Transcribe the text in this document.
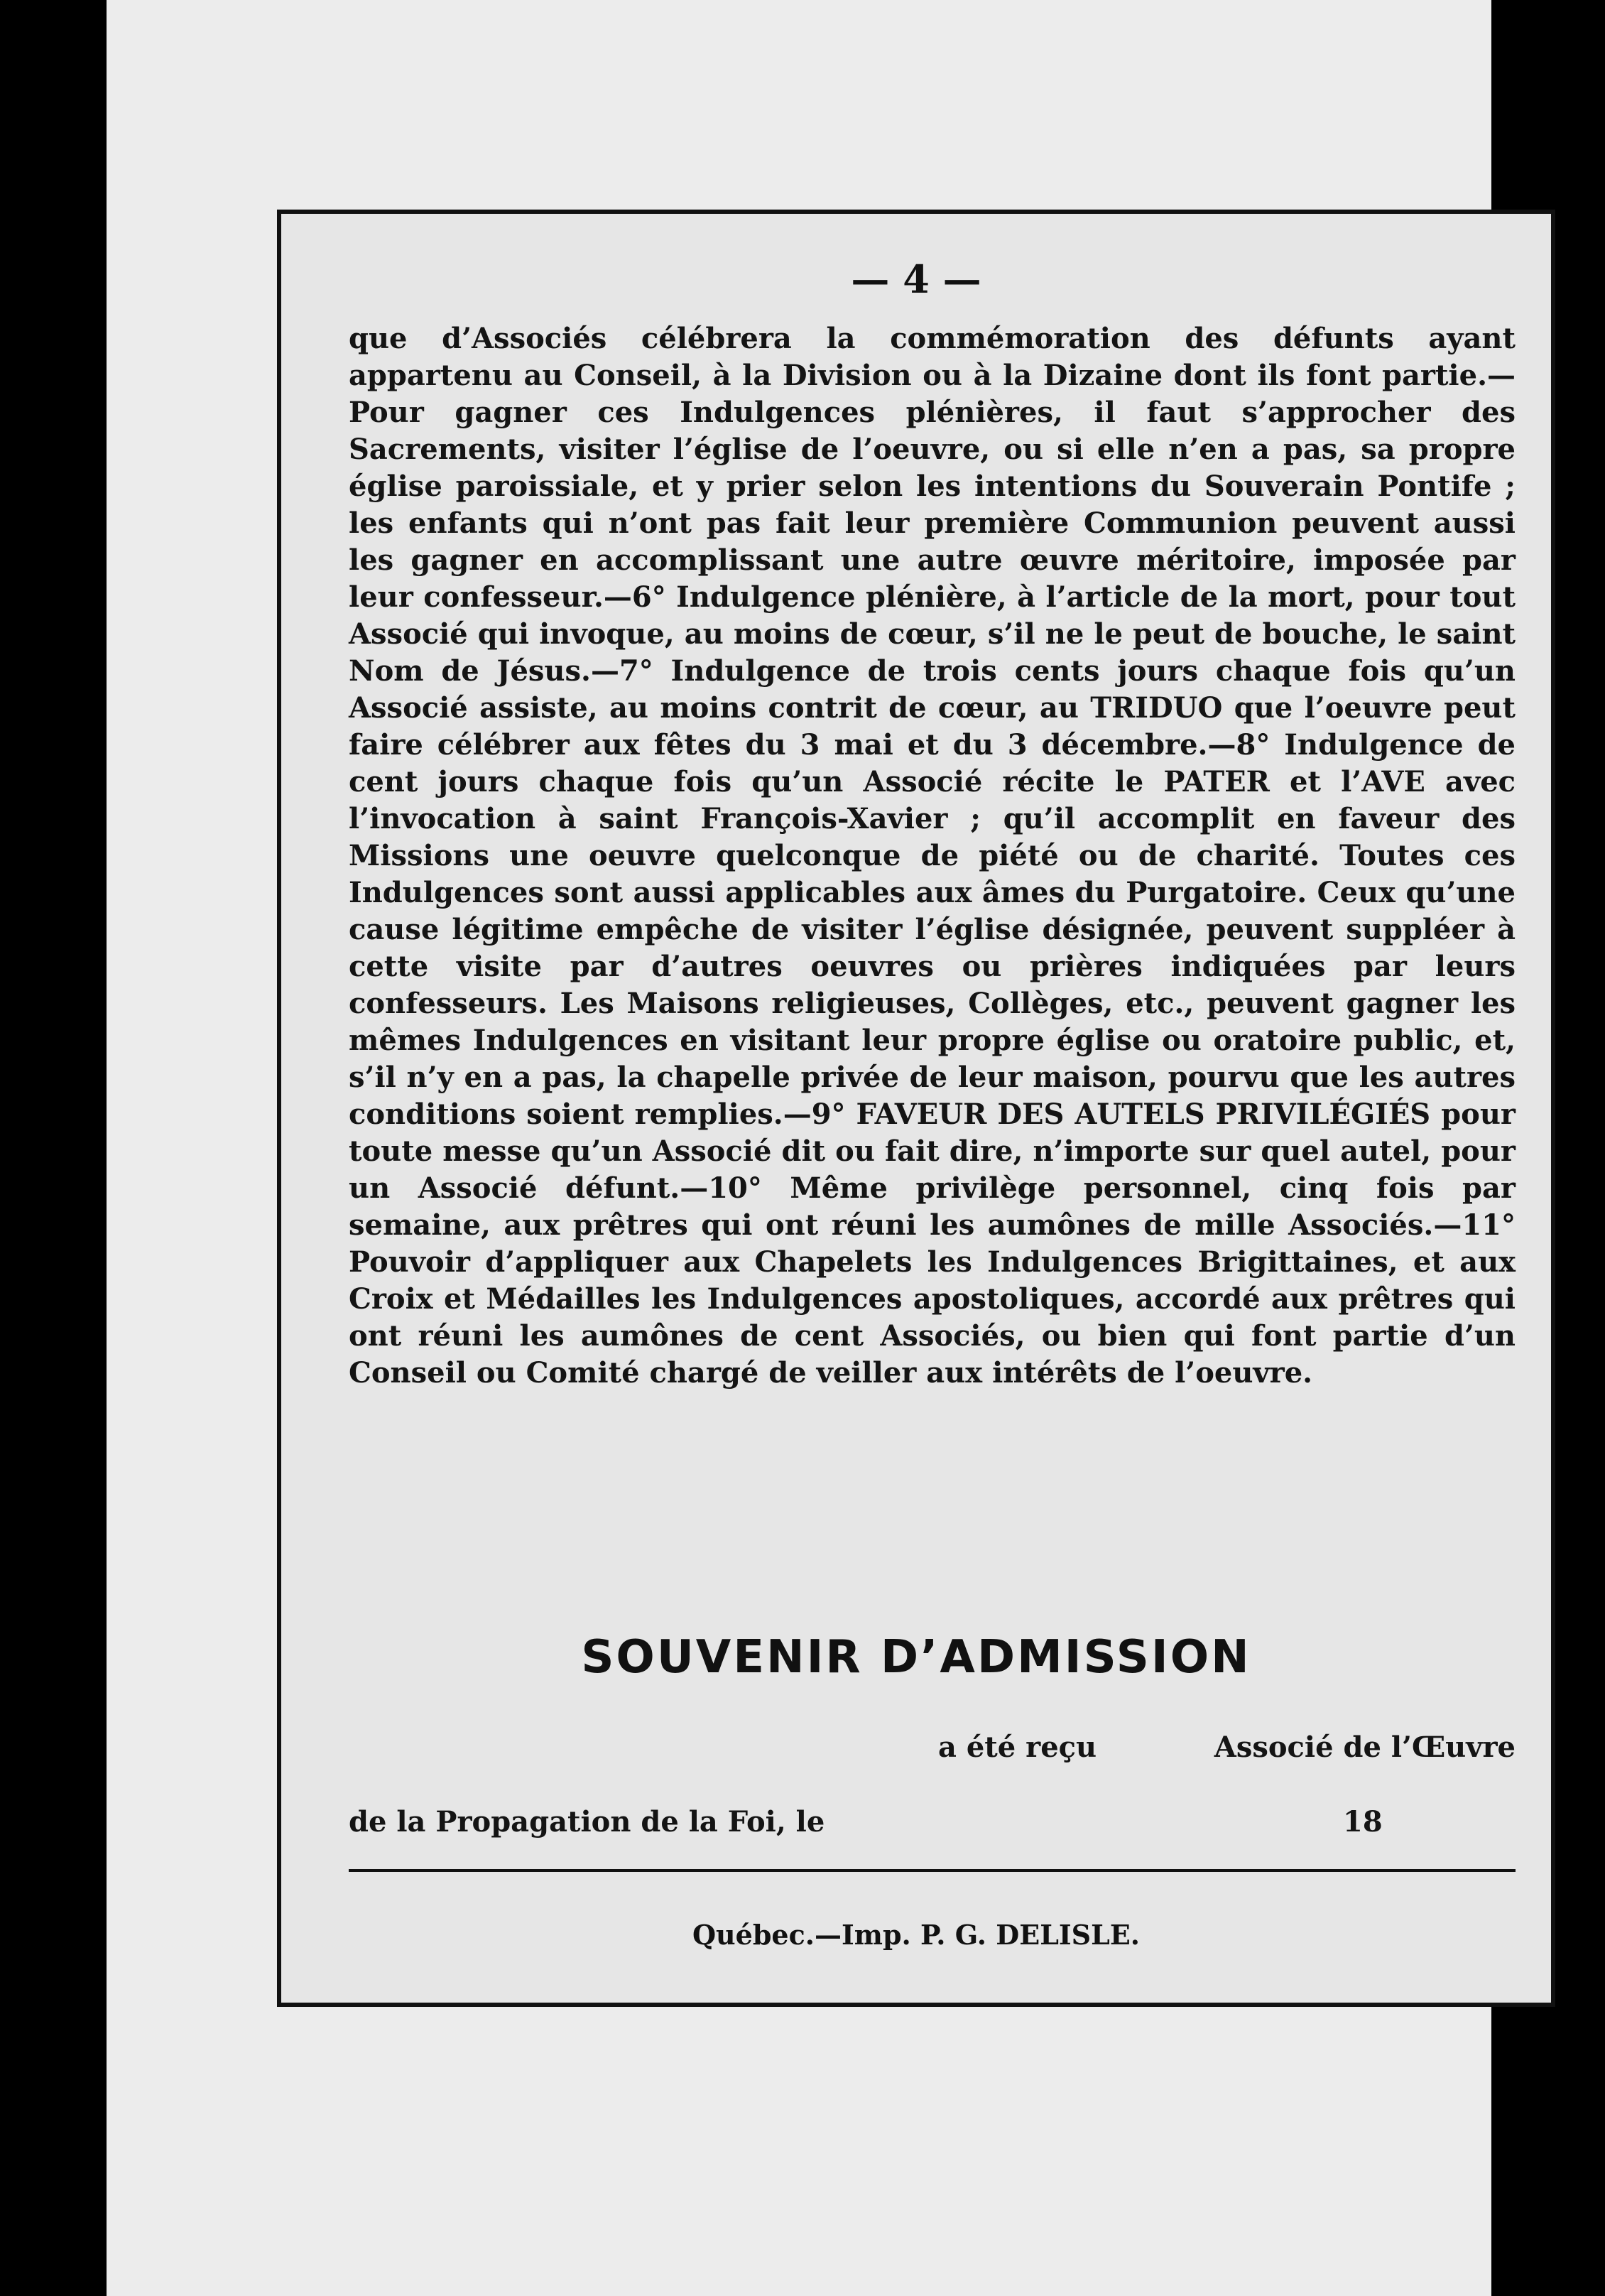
— 4 —
que d’Associés célébrera la commémoration des défunts ayant appartenu au Conseil, à la Division ou à la Dizaine dont ils font partie.—Pour gagner ces Indulgences plénières, il faut s’approcher des Sacrements, visiter l’église de l’oeuvre, ou si elle n’en a pas, sa propre église paroissiale, et y prier selon les intentions du Souverain Pontife ; les enfants qui n’ont pas fait leur première Communion peuvent aussi les gagner en accomplissant une autre œuvre méritoire, imposée par leur confesseur.—6° Indulgence plénière, à l’article de la mort, pour tout Associé qui invoque, au moins de cœur, s’il ne le peut de bouche, le saint Nom de Jésus.—7° Indulgence de trois cents jours chaque fois qu’un Associé assiste, au moins contrit de cœur, au TRIDUO que l’oeuvre peut faire célébrer aux fêtes du 3 mai et du 3 décembre.—8° Indulgence de cent jours chaque fois qu’un Associé récite le PATER et l’AVE avec l’invocation à saint François-Xavier ; qu’il accomplit en faveur des Missions une oeuvre quelconque de piété ou de charité. Toutes ces Indulgences sont aussi applicables aux âmes du Purgatoire. Ceux qu’une cause légitime empêche de visiter l’église désignée, peuvent suppléer à cette visite par d’autres oeuvres ou prières indiquées par leurs confesseurs. Les Maisons religieuses, Collèges, etc., peuvent gagner les mêmes Indulgences en visitant leur propre église ou oratoire public, et, s’il n’y en a pas, la chapelle privée de leur maison, pourvu que les autres conditions soient remplies.—9° FAVEUR DES AUTELS PRIVILÉGIÉS pour toute messe qu’un Associé dit ou fait dire, n’importe sur quel autel, pour un Associé défunt.—10° Même privilège personnel, cinq fois par semaine, aux prêtres qui ont réuni les aumônes de mille Associés.—11° Pouvoir d’appliquer aux Chapelets les Indulgences Brigittaines, et aux Croix et Médailles les Indulgences apostoliques, accordé aux prêtres qui ont réuni les aumônes de cent Associés, ou bien qui font partie d’un Conseil ou Comité chargé de veiller aux intérêts de l’oeuvre.
SOUVENIR D’ADMISSION
a été reçu	Associé de l’Œuvre
de la Propagation de la Foi, le	18
Québec.—Imp. P. G. DELISLE.
